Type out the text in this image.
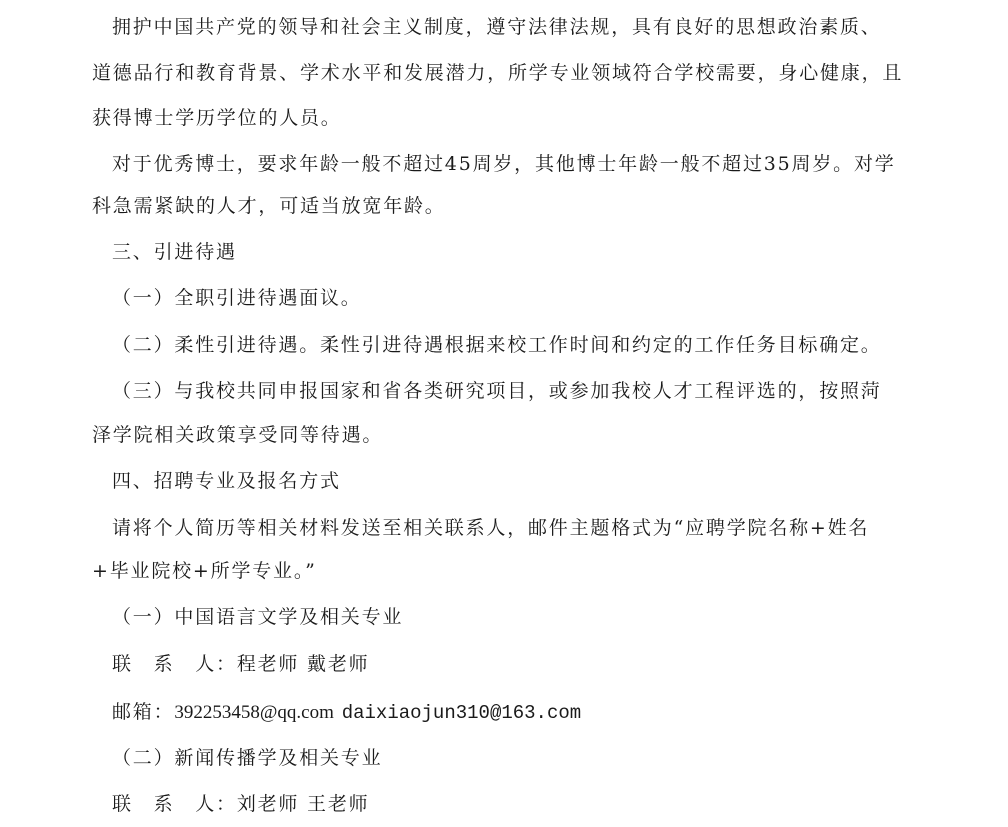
拥护中国共产党的领导和社会主义制度，遵守法律法规，具有良好的思想政治素质、
道德品行和教育背景、学术水平和发展潜力，所学专业领域符合学校需要，身心健康，且
获得博士学历学位的人员。
对于优秀博士，要求年龄一般不超过45周岁，其他博士年龄一般不超过35周岁。对学
科急需紧缺的人才，可适当放宽年龄。
三、引进待遇
（一）全职引进待遇面议。
（二）柔性引进待遇。柔性引进待遇根据来校工作时间和约定的工作任务目标确定。
（三）与我校共同申报国家和省各类研究项目，或参加我校人才工程评选的，按照菏
泽学院相关政策享受同等待遇。
四、招聘专业及报名方式
请将个人简历等相关材料发送至相关联系人，邮件主题格式为“应聘学院名称+姓名
+毕业院校+所学专业。”
（一）中国语言文学及相关专业
联　系　人：程老师 戴老师
邮箱：392253458@qq.com daixiaojun310@163.com
（二）新闻传播学及相关专业
联　系　人：刘老师 王老师
